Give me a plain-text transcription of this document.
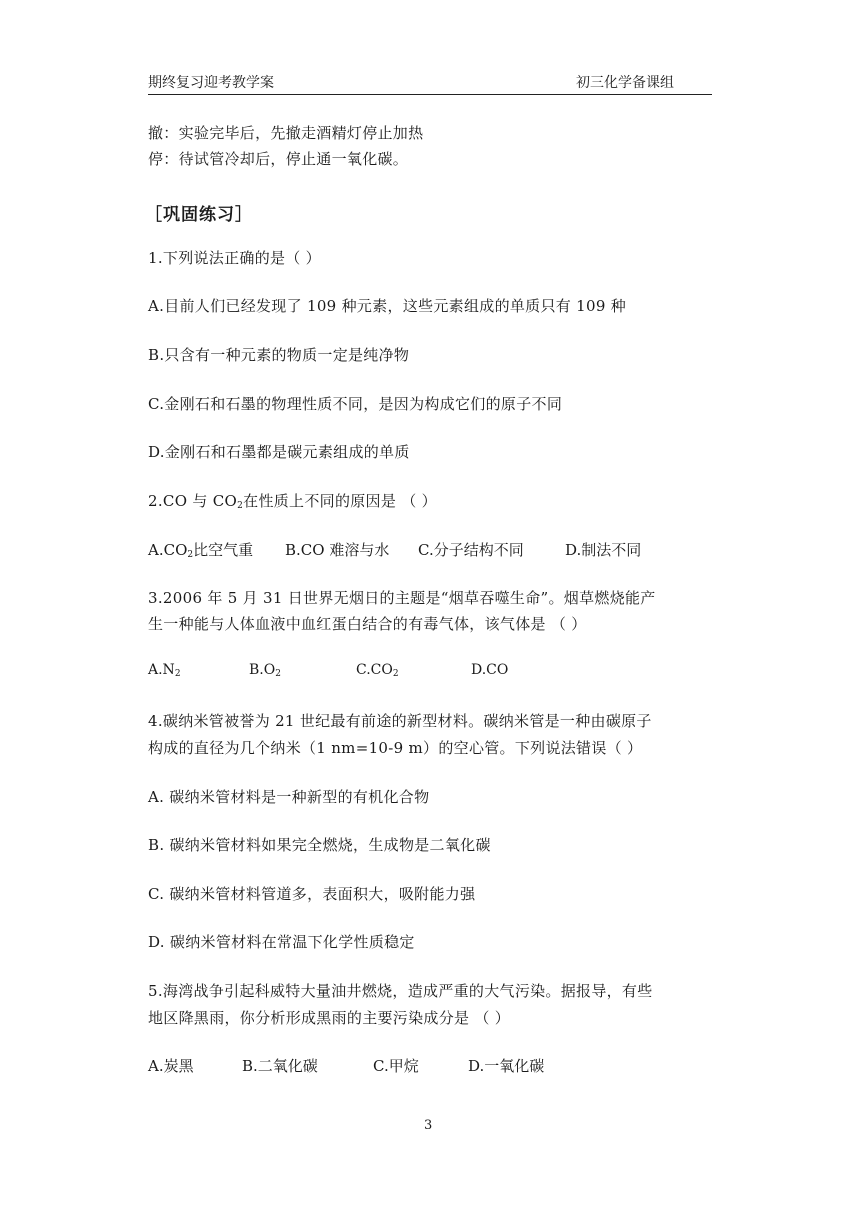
期终复习迎考教学案	初三化学备课组
撤：实验完毕后，先撤走酒精灯停止加热
停：待试管冷却后，停止通一氧化碳。
［巩固练习］
1.下列说法正确的是（ ）
A.目前人们已经发现了 109 种元素，这些元素组成的单质只有 109 种
B.只含有一种元素的物质一定是纯净物
C.金刚石和石墨的物理性质不同，是因为构成它们的原子不同
D.金刚石和石墨都是碳元素组成的单质
2.CO 与 $CO_2$在性质上不同的原因是 （ ）
$A.CO_2$比空气重 B.CO 难溶与水 C.分子结构不同	D.制法不同
3.2006 年 5 月 31 日世界无烟日的主题是“烟草吞噬生命”。烟草燃烧能产
生一种能与人体血液中血红蛋白结合的有毒气体，该气体是 （ ）
$A.N_2$	$B.O_2$	$C.CO_2$	D.CO
4.碳纳米管被誉为 21 世纪最有前途的新型材料。碳纳米管是一种由碳原子
构成的直径为几个纳米（1 nm=10-9 m）的空心管。下列说法错误（ ）
A. 碳纳米管材料是一种新型的有机化合物
B. 碳纳米管材料如果完全燃烧，生成物是二氧化碳
C. 碳纳米管材料管道多，表面积大，吸附能力强
D. 碳纳米管材料在常温下化学性质稳定
5.海湾战争引起科威特大量油井燃烧，造成严重的大气污染。据报导，有些
地区降黑雨，你分析形成黑雨的主要污染成分是 （ ）
A.炭黑	B.二氧化碳	C.甲烷	D.一氧化碳
3
